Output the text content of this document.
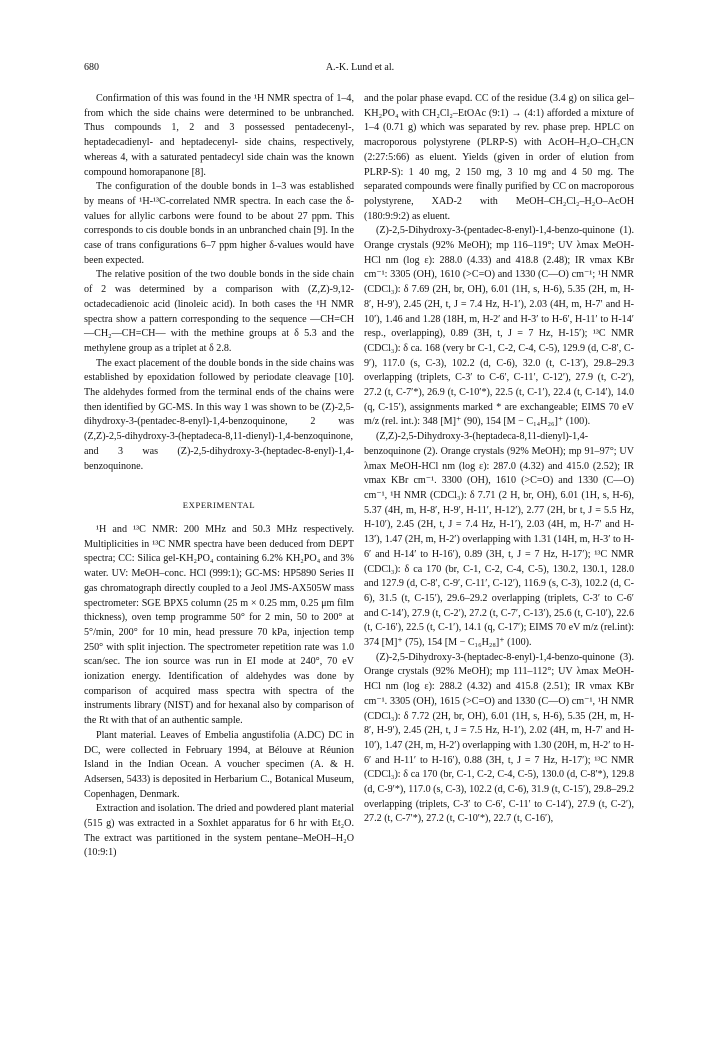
680	A.-K. Lund et al.

Confirmation of this was found in the ¹H NMR spectra of 1–4, from which the side chains were determined to be unbranched. Thus compounds 1, 2 and 3 possessed pentadecenyl-, heptadecadienyl- and heptadecenyl- side chains, respectively, whereas 4, with a saturated pentadecyl side chain was the known compound homorapanone [8].

The configuration of the double bonds in 1–3 was established by means of ¹H-¹³C-correlated NMR spectra. In each case the δ-values for allylic carbons were found to be about 27 ppm. This corresponds to cis double bonds in an unbranched chain [9]. In the case of trans configurations 6–7 ppm higher δ-values would have been expected.

The relative position of the two double bonds in the side chain of 2 was determined by a comparison with (Z,Z)-9,12-octadecadienoic acid (linoleic acid). In both cases the ¹H NMR spectra show a pattern corresponding to the sequence —CH=CH—CH₂—CH=CH— with the methine groups at δ 5.3 and the methylene group as a triplet at δ 2.8.

The exact placement of the double bonds in the side chains was established by epoxidation followed by periodate cleavage [10]. The aldehydes formed from the terminal ends of the chains were then identified by GC-MS. In this way 1 was shown to be (Z)-2,5-dihydroxy-3-(pentadec-8-enyl)-1,4-benzoquinone, 2 was (Z,Z)-2,5-dihydroxy-3-(heptadeca-8,11-dienyl)-1,4-benzoquinone, and 3 was (Z)-2,5-dihydroxy-3-(heptadec-8-enyl)-1,4-benzoquinone.

EXPERIMENTAL

¹H and ¹³C NMR: 200 MHz and 50.3 MHz respectively. Multiplicities in ¹³C NMR spectra have been deduced from DEPT spectra; CC: Silica gel-KH₂PO₄ containing 6.2% KH₂PO₄ and 3% water. UV: MeOH–conc. HCl (999:1); GC-MS: HP5890 Series II gas chromatograph directly coupled to a Jeol JMS-AX505W mass spectrometer: SGE BPX5 column (25 m × 0.25 mm, 0.25 μm film thickness), oven temp programme 50° for 2 min, 50 to 200° at 5°/min, 200° for 10 min, head pressure 70 kPa, injection temp 250° with split injection. The spectrometer repetition rate was 1.0 scan/sec. The ion source was run in EI mode at 240°, 70 eV ionization energy. Identification of aldehydes was done by comparison of acquired mass spectra with spectra of the instruments library (NIST) and for hexanal also by comparison of the Rt with that of an authentic sample.

Plant material. Leaves of Embelia angustifolia (A.DC) DC in DC, were collected in February 1994, at Bélouve at Réunion Island in the Indian Ocean. A voucher specimen (A. & H. Adsersen, 5433) is deposited in Herbarium C., Botanical Museum, Copenhagen, Denmark.

Extraction and isolation. The dried and powdered plant material (515 g) was extracted in a Soxhlet apparatus for 6 hr with Et₂O. The extract was partitioned in the system pentane–MeOH–H₂O (10:9:1)

and the polar phase evapd. CC of the residue (3.4 g) on silica gel–KH₂PO₄ with CH₂Cl₂–EtOAc (9:1) → (4:1) afforded a mixture of 1–4 (0.71 g) which was separated by rev. phase prep. HPLC on macroporous polystyrene (PLRP-S) with AcOH–H₂O–CH₃CN (2:27:5:66) as eluent. Yields (given in order of elution from PLRP-S): 1 40 mg, 2 150 mg, 3 10 mg and 4 50 mg. The separated compounds were finally purified by CC on macroporous polystyrene, XAD-2 with MeOH–CH₂Cl₂–H₂O–AcOH (180:9:9:2) as eluent.

(Z)-2,5-Dihydroxy-3-(pentadec-8-enyl)-1,4-benzo-quinone (1). Orange crystals (92% MeOH); mp 116–119°; UV λmax MeOH-HCl nm (log ε): 288.0 (4.33) and 418.8 (2.48); IR νmax KBr cm⁻¹: 3305 (OH), 1610 (>C=O) and 1330 (C—O) cm⁻¹; ¹H NMR (CDCl₃): δ 7.69 (2H, br, OH), 6.01 (1H, s, H-6), 5.35 (2H, m, H-8′, H-9′), 2.45 (2H, t, J = 7.4 Hz, H-1′), 2.03 (4H, m, H-7′ and H-10′), 1.46 and 1.28 (18H, m, H-2′ and H-3′ to H-6′, H-11′ to H-14′ resp., overlapping), 0.89 (3H, t, J = 7 Hz, H-15′); ¹³C NMR (CDCl₃): δ ca. 168 (very br C-1, C-2, C-4, C-5), 129.9 (d, C-8′, C-9′), 117.0 (s, C-3), 102.2 (d, C-6), 32.0 (t, C-13′), 29.8–29.3 overlapping (triplets, C-3′ to C-6′, C-11′, C-12′), 27.9 (t, C-2′), 27.2 (t, C-7′*), 26.9 (t, C-10′*), 22.5 (t, C-1′), 22.4 (t, C-14′), 14.0 (q, C-15′), assignments marked * are exchangeable; EIMS 70 eV m/z (rel. int.): 348 [M]⁺ (90), 154 [M − C₁₄H₂₆]⁺ (100).

(Z,Z)-2,5-Dihydroxy-3-(heptadeca-8,11-dienyl)-1,4-benzoquinone (2). Orange crystals (92% MeOH); mp 91–97°; UV λmax MeOH-HCl nm (log ε): 287.0 (4.32) and 415.0 (2.52); IR νmax KBr cm⁻¹. 3300 (OH), 1610 (>C=O) and 1330 (C—O) cm⁻¹, ¹H NMR (CDCl₃): δ 7.71 (2 H, br, OH), 6.01 (1H, s, H-6), 5.37 (4H, m, H-8′, H-9′, H-11′, H-12′), 2.77 (2H, br t, J = 5.5 Hz, H-10′), 2.45 (2H, t, J = 7.4 Hz, H-1′), 2.03 (4H, m, H-7′ and H-13′), 1.47 (2H, m, H-2′) overlapping with 1.31 (14H, m, H-3′ to H-6′ and H-14′ to H-16′), 0.89 (3H, t, J = 7 Hz, H-17′); ¹³C NMR (CDCl₃): δ ca 170 (br, C-1, C-2, C-4, C-5), 130.2, 130.1, 128.0 and 127.9 (d, C-8′, C-9′, C-11′, C-12′), 116.9 (s, C-3), 102.2 (d, C-6), 31.5 (t, C-15′), 29.6–29.2 overlapping (triplets, C-3′ to C-6′ and C-14′), 27.9 (t, C-2′), 27.2 (t, C-7′, C-13′), 25.6 (t, C-10′), 22.6 (t, C-16′), 22.5 (t, C-1′), 14.1 (q, C-17′); EIMS 70 eV m/z (rel.int): 374 [M]⁺ (75), 154 [M − C₁₆H₂₈]⁺ (100).

(Z)-2,5-Dihydroxy-3-(heptadec-8-enyl)-1,4-benzo-quinone (3). Orange crystals (92% MeOH); mp 111–112°; UV λmax MeOH-HCl nm (log ε): 288.2 (4.32) and 415.8 (2.51); IR νmax KBr cm⁻¹. 3305 (OH), 1615 (>C=O) and 1330 (C—O) cm⁻¹, ¹H NMR (CDCl₃): δ 7.72 (2H, br, OH), 6.01 (1H, s, H-6), 5.35 (2H, m, H-8′, H-9′), 2.45 (2H, t, J = 7.5 Hz, H-1′), 2.02 (4H, m, H-7′ and H-10′), 1.47 (2H, m, H-2′) overlapping with 1.30 (20H, m, H-2′ to H-6′ and H-11′ to H-16′), 0.88 (3H, t, J = 7 Hz, H-17′); ¹³C NMR (CDCl₃): δ ca 170 (br, C-1, C-2, C-4, C-5), 130.0 (d, C-8′*), 129.8 (d, C-9′*), 117.0 (s, C-3), 102.2 (d, C-6), 31.9 (t, C-15′), 29.8–29.2 overlapping (triplets, C-3′ to C-6′, C-11′ to C-14′), 27.9 (t, C-2′), 27.2 (t, C-7′*), 27.2 (t, C-10′*), 22.7 (t, C-16′),
